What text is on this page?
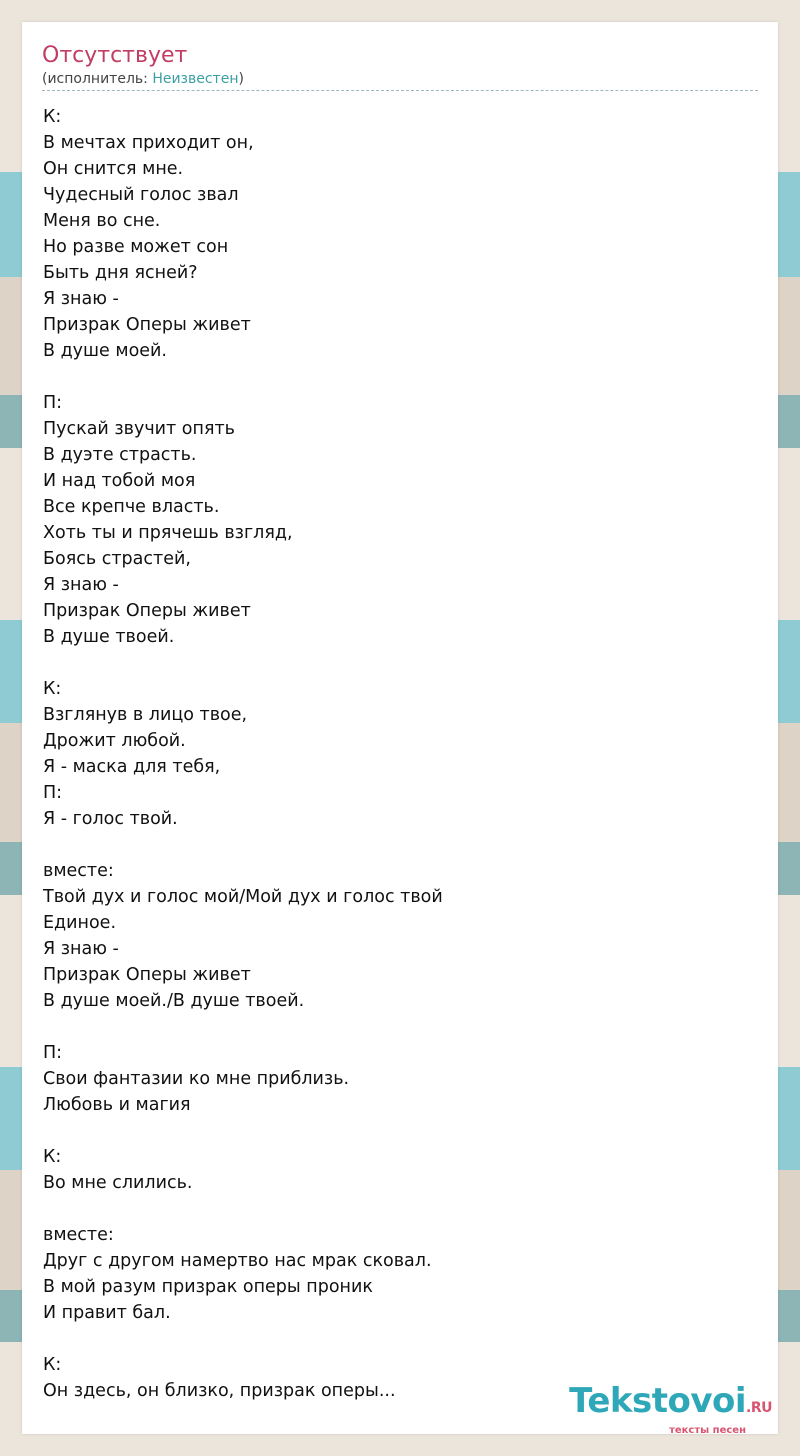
Отсутствует
(исполнитель: Неизвестен)
К:
В мечтах приходит он,
Он снится мне.
Чудесный голос звал
Меня во сне.
Но разве может сон
Быть дня ясней?
Я знаю -
Призрак Оперы живет
В душе моей.
П:
Пускай звучит опять
В дуэте страсть.
И над тобой моя
Все крепче власть.
Хоть ты и прячешь взгляд,
Боясь страстей,
Я знаю -
Призрак Оперы живет
В душе твоей.
К:
Взглянув в лицо твое,
Дрожит любой.
Я - маска для тебя,
П:
Я - голос твой.
вместе:
Твой дух и голос мой/Мой дух и голос твой
Единое.
Я знаю -
Призрак Оперы живет
В душе моей./В душе твоей.
П:
Свои фантазии ко мне приблизь.
Любовь и магия
К:
Во мне слились.
вместе:
Друг с другом намертво нас мрак сковал.
В мой разум призрак оперы проник
И правит бал.
К:
Он здесь, он близко, призрак оперы...	Tekstovoi.RU
тексты песен
